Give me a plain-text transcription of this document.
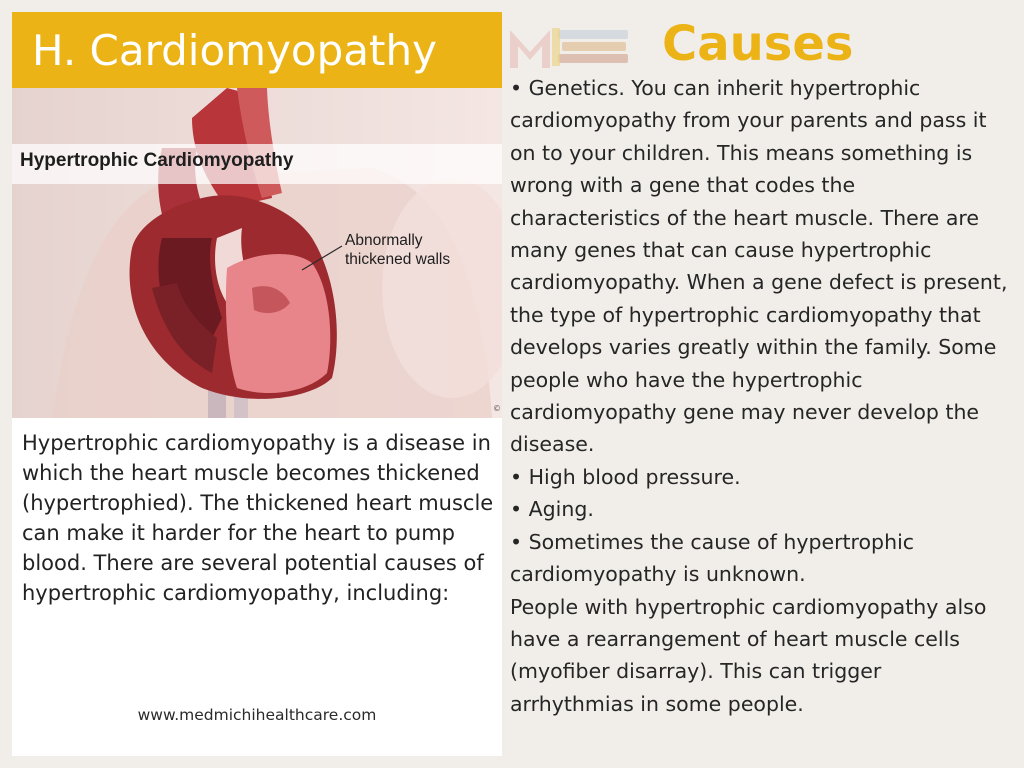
H. Cardiomyopathy
Hypertrophic Cardiomyopathy
Abnormally
thickened walls
©

Hypertrophic cardiomyopathy is a disease in which the heart muscle becomes thickened (hypertrophied). The thickened heart muscle can make it harder for the heart to pump blood. There are several potential causes of hypertrophic cardiomyopathy, including:

www.medmichihealthcare.com
Causes

• Genetics. You can inherit hypertrophic cardiomyopathy from your parents and pass it on to your children. This means something is wrong with a gene that codes the characteristics of the heart muscle. There are many genes that can cause hypertrophic cardiomyopathy. When a gene defect is present, the type of hypertrophic cardiomyopathy that develops varies greatly within the family. Some people who have the hypertrophic cardiomyopathy gene may never develop the disease.

• High blood pressure.

• Aging.

• Sometimes the cause of hypertrophic cardiomyopathy is unknown.

People with hypertrophic cardiomyopathy also have a rearrangement of heart muscle cells (myofiber disarray). This can trigger arrhythmias in some people.
